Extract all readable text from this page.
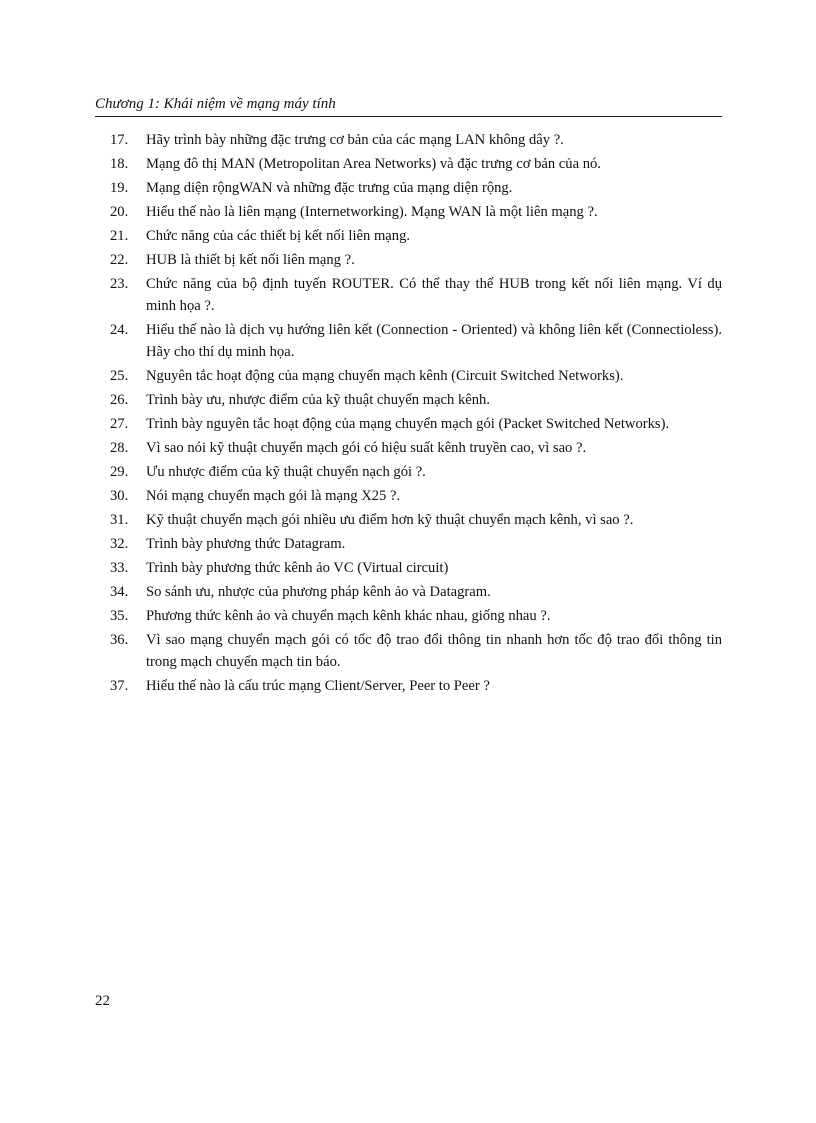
Chương 1: Khái niệm về mạng máy tính
17.	Hãy trình bày những đặc trưng cơ bản của các mạng LAN không dây ?.
18.	Mạng đô thị MAN (Metropolitan Area Networks) và đặc trưng cơ bản của nó.
19.	Mạng diện rộngWAN và những đặc trưng của mạng diện rộng.
20.	Hiểu thế nào là liên mạng (Internetworking). Mạng WAN là một liên mạng ?.
21.	Chức năng của các thiết bị kết nối liên mạng.
22.	HUB là thiết bị kết nối liên mạng ?.
23.	Chức năng của bộ định tuyến ROUTER. Có thể thay thế HUB trong kết nối liên mạng. Ví dụ minh họa ?.
24.	Hiểu thế nào là dịch vụ hướng liên kết (Connection - Oriented) và không liên kết (Connectioless). Hãy cho thí dụ minh họa.
25.	Nguyên tắc hoạt động của mạng chuyển mạch kênh (Circuit Switched Networks).
26.	Trình bày ưu, nhược điểm của kỹ thuật chuyển mạch kênh.
27.	Trình bày nguyên tắc hoạt động của mạng chuyển mạch gói (Packet Switched Networks).
28.	Vì sao nói kỹ thuật chuyển mạch gói có hiệu suất kênh truyền cao, vì sao ?.
29.	Ưu nhược điểm của kỹ thuật chuyển nạch gói ?.
30.	Nói mạng chuyển mạch gói là mạng X25 ?.
31.	Kỹ thuật chuyển mạch gói nhiều ưu điểm hơn kỹ thuật chuyển mạch kênh, vì sao ?.
32.	Trình bày phương thức Datagram.
33.	Trình bày phương thức kênh ảo VC (Virtual circuit)
34.	So sánh ưu, nhược của phương pháp kênh ảo và Datagram.
35.	Phương thức kênh ảo và chuyển mạch kênh khác nhau, giống nhau ?.
36.	Vì sao mạng chuyển mạch gói có tốc độ trao đổi thông tin nhanh hơn tốc độ trao đổi thông tin trong mạch chuyển mạch tin báo.
37.	Hiểu thế nào là cấu trúc mạng Client/Server, Peer to Peer ?
22
